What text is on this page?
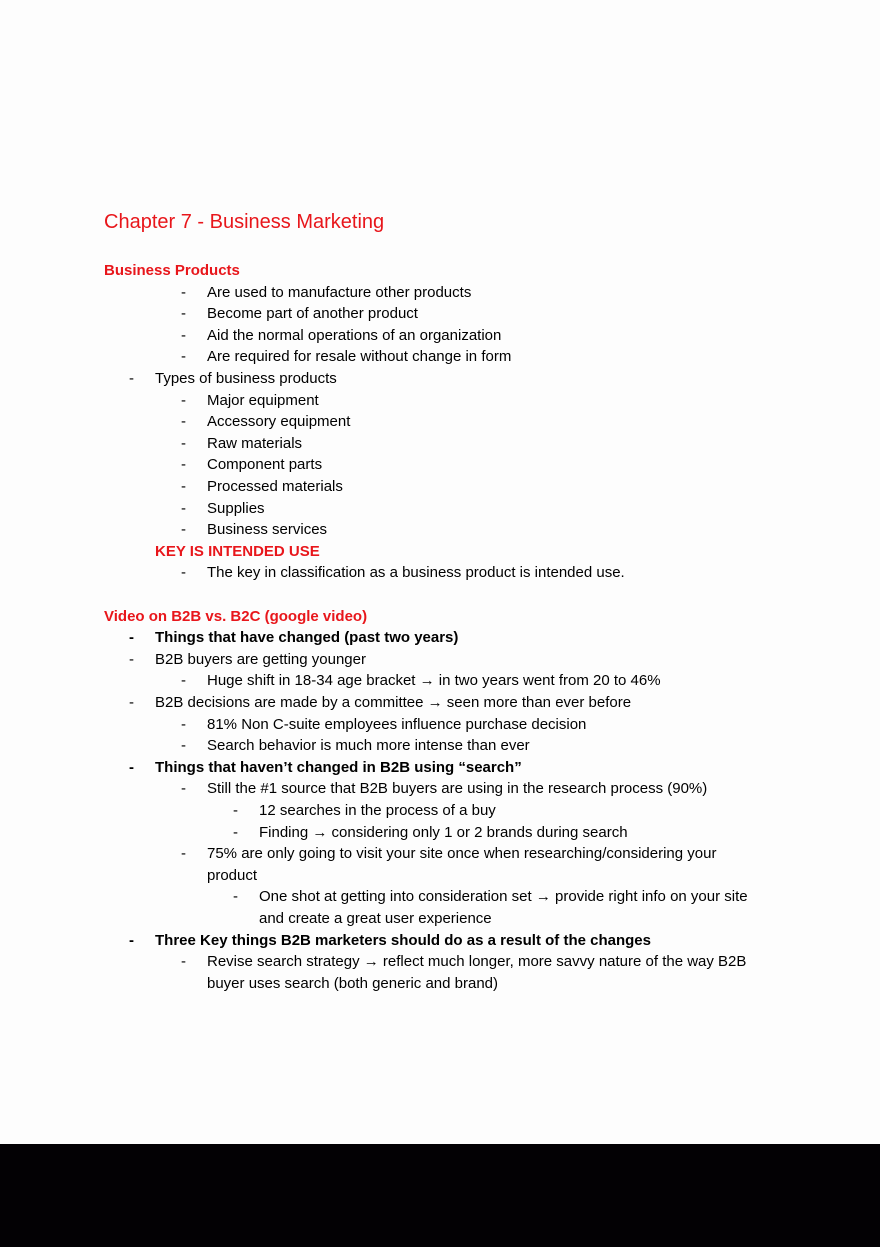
Chapter 7 - Business Marketing
Business Products
- Are used to manufacture other products
- Become part of another product
- Aid the normal operations of an organization
- Are required for resale without change in form
- Types of business products
- Major equipment
- Accessory equipment
- Raw materials
- Component parts
- Processed materials
- Supplies
- Business services
KEY IS INTENDED USE
- The key in classification as a business product is intended use.
Video on B2B vs. B2C (google video)
- Things that have changed (past two years)
- B2B buyers are getting younger
- Huge shift in 18-34 age bracket → in two years went from 20 to 46%
- B2B decisions are made by a committee → seen more than ever before
- 81% Non C-suite employees influence purchase decision
- Search behavior is much more intense than ever
- Things that haven’t changed in B2B using “search”
- Still the #1 source that B2B buyers are using in the research process (90%)
- 12 searches in the process of a buy
- Finding → considering only 1 or 2 brands during search
- 75% are only going to visit your site once when researching/considering your
product
- One shot at getting into consideration set → provide right info on your site
and create a great user experience
- Three Key things B2B marketers should do as a result of the changes
- Revise search strategy → reflect much longer, more savvy nature of the way B2B
buyer uses search (both generic and brand)
